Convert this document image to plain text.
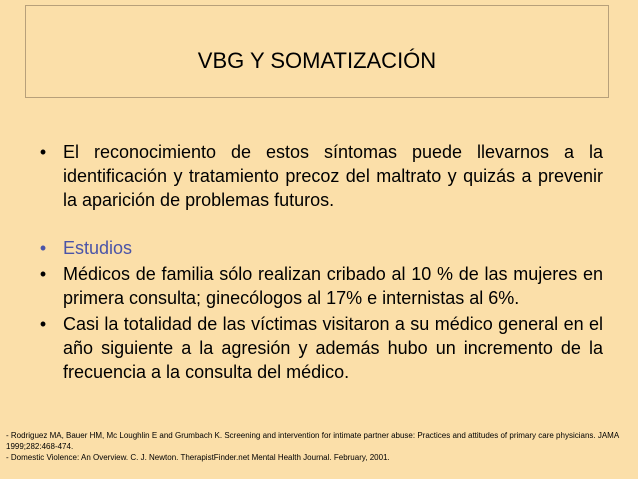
VBG Y SOMATIZACIÓN
• El reconocimiento de estos síntomas puede llevarnos a la identificación y tratamiento precoz del maltrato y quizás a prevenir la aparición de problemas futuros.
• Estudios
• Médicos de familia sólo realizan cribado al 10 % de las mujeres en primera consulta; ginecólogos al 17% e internistas al 6%.
• Casi la totalidad de las víctimas visitaron a su médico general en el año siguiente a la agresión y además hubo un incremento de la frecuencia a la consulta del médico.
- Rodriguez MA, Bauer HM, Mc Loughlin E and Grumbach K. Screening and intervention for intimate partner abuse: Practices and attitudes of primary care physicians. JAMA 1999;282:468-474.
- Domestic Violence: An Overview. C. J. Newton. TherapistFinder.net Mental Health Journal. February, 2001.
